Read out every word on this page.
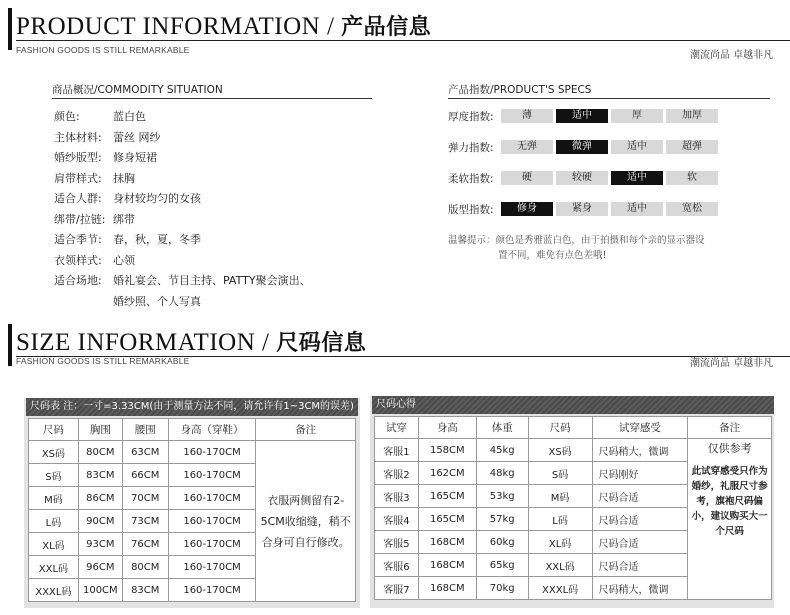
PRODUCT INFORMATION / 产品信息
FASHION GOODS IS STILL REMARKABLE	潮流尚品 卓越非凡
商品概况/COMMODITY SITUATION
颜色:	蓝白色
主体材料: 蕾丝 网纱
婚纱版型: 修身短裙
肩带样式: 抹胸
适合人群: 身材较均匀的女孩
绑带/拉链: 绑带
适合季节: 春，秋，夏，冬季
衣领样式: 心领
适合场地: 婚礼宴会、节目主持、PATTY聚会演出、
婚纱照、个人写真
产品指数/PRODUCT'S SPECS
厚度指数:	薄	适中	厚	加厚
弹力指数:	无弹	微弹	适中	超弹
柔软指数:	硬	较硬	适中	软
版型指数:	修身	紧身	适中	宽松
温馨提示：颜色是秀雅蓝白色，由于拍摄和每个亲的显示器设
置不同，难免有点色差哦!
SIZE INFORMATION / 尺码信息
FASHION GOODS IS STILL REMARKABLE	潮流尚品 卓越非凡
尺码表 注：一寸=3.33CM(由于测量方法不同，请允许有1~3CM的误差)
尺码	胸围	腰围	身高（穿鞋）	备注
XS码	80CM	63CM	160-170CM	衣服两侧留有2-5CM收缩缝，稍不合身可自行修改。
S码	83CM	66CM	160-170CM	
M码	86CM	70CM	160-170CM	
L码	90CM	73CM	160-170CM	
XL码	93CM	76CM	160-170CM	
XXL码	96CM	80CM	160-170CM	
XXXL码	100CM	83CM	160-170CM	
尺码心得
试穿	身高	体重	尺码	试穿感受	备注
客服1	158CM	45kg	XS码	尺码稍大，微调	仅供参考
此试穿感受只作为婚纱，礼服尺寸参考，旗袍尺码偏小，建议购买大一个尺码

客服2	162CM	48kg	S码	尺码刚好	
客服3	165CM	53kg	M码	尺码合适	
客服4	165CM	57kg	L码	尺码合适	
客服5	168CM	60kg	XL码	尺码合适	
客服6	168CM	65kg	XXL码	尺码合适	
客服7	168CM	70kg	XXXL码	尺码稍大，微调	
